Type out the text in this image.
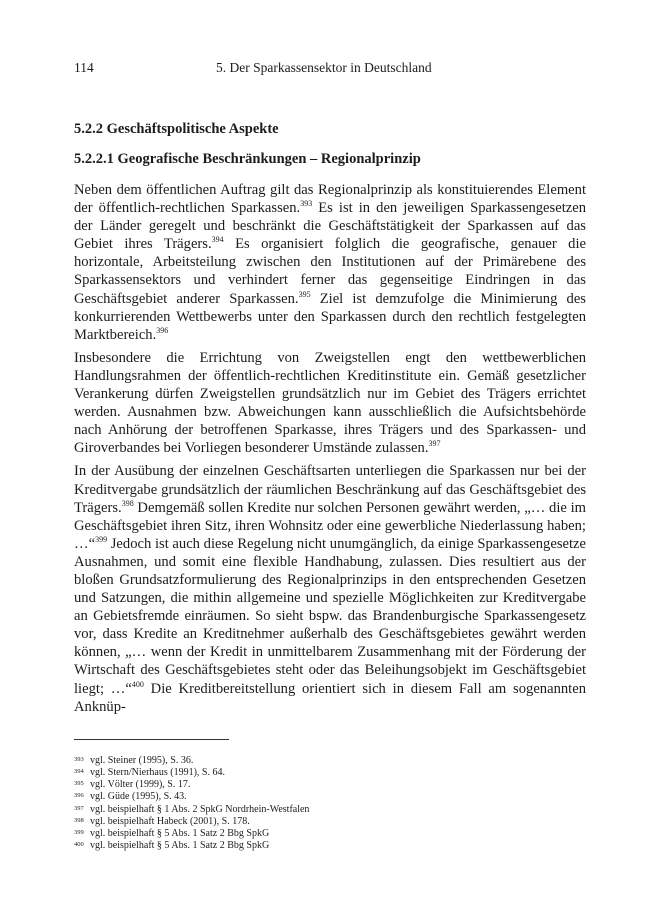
114	5. Der Sparkassensektor in Deutschland
5.2.2 Geschäftspolitische Aspekte
5.2.2.1 Geografische Beschränkungen – Regionalprinzip

Neben dem öffentlichen Auftrag gilt das Regionalprinzip als konstituierendes Element der öffentlich-rechtlichen Sparkassen.$^{393}$ Es ist in den jeweiligen Sparkassengesetzen der Länder geregelt und beschränkt die Geschäftstätigkeit der Sparkassen auf das Gebiet ihres Trägers.$^{394}$ Es organisiert folglich die geografische, genauer die horizontale, Arbeitsteilung zwischen den Institutionen auf der Primärebene des Sparkassensektors und verhindert ferner das gegenseitige Eindringen in das Geschäftsgebiet anderer Sparkassen.$^{395}$ Ziel ist demzufolge die Minimierung des konkurrierenden Wettbewerbs unter den Sparkassen durch den rechtlich festgelegten Marktbereich.$^{396}$

Insbesondere die Errichtung von Zweigstellen engt den wettbewerblichen Handlungsrahmen der öffentlich-rechtlichen Kreditinstitute ein. Gemäß gesetzlicher Verankerung dürfen Zweigstellen grundsätzlich nur im Gebiet des Trägers errichtet werden. Ausnahmen bzw. Abweichungen kann ausschließlich die Aufsichtsbehörde nach Anhörung der betroffenen Sparkasse, ihres Trägers und des Sparkassen- und Giroverbandes bei Vorliegen besonderer Umstände zulassen.$^{397}$

In der Ausübung der einzelnen Geschäftsarten unterliegen die Sparkassen nur bei der Kreditvergabe grundsätzlich der räumlichen Beschränkung auf das Geschäftsgebiet des Trägers.$^{398}$ Demgemäß sollen Kredite nur solchen Personen gewährt werden, „… die im Geschäftsgebiet ihren Sitz, ihren Wohnsitz oder eine gewerbliche Niederlassung haben; …“$^{399}$ Jedoch ist auch diese Regelung nicht unumgänglich, da einige Sparkassengesetze Ausnahmen, und somit eine flexible Handhabung, zulassen. Dies resultiert aus der bloßen Grundsatzformulierung des Regionalprinzips in den entsprechenden Gesetzen und Satzungen, die mithin allgemeine und spezielle Möglichkeiten zur Kreditvergabe an Gebietsfremde einräumen. So sieht bspw. das Brandenburgische Sparkassengesetz vor, dass Kredite an Kreditnehmer außerhalb des Geschäftsgebietes gewährt werden können, „… wenn der Kredit in unmittelbarem Zusammenhang mit der Förderung der Wirtschaft des Geschäftsgebietes steht oder das Beleihungsobjekt im Geschäftsgebiet liegt; …“$^{400}$ Die Kreditbereitstellung orientiert sich in diesem Fall am sogenannten Anknüp-

393 vgl. Steiner (1995), S. 36.
394 vgl. Stern/Nierhaus (1991), S. 64.
395 vgl. Völter (1999), S. 17.
396 vgl. Güde (1995), S. 43.
397 vgl. beispielhaft § 1 Abs. 2 SpkG Nordrhein-Westfalen
398 vgl. beispielhaft Habeck (2001), S. 178.
399 vgl. beispielhaft § 5 Abs. 1 Satz 2 Bbg SpkG
400 vgl. beispielhaft § 5 Abs. 1 Satz 2 Bbg SpkG
